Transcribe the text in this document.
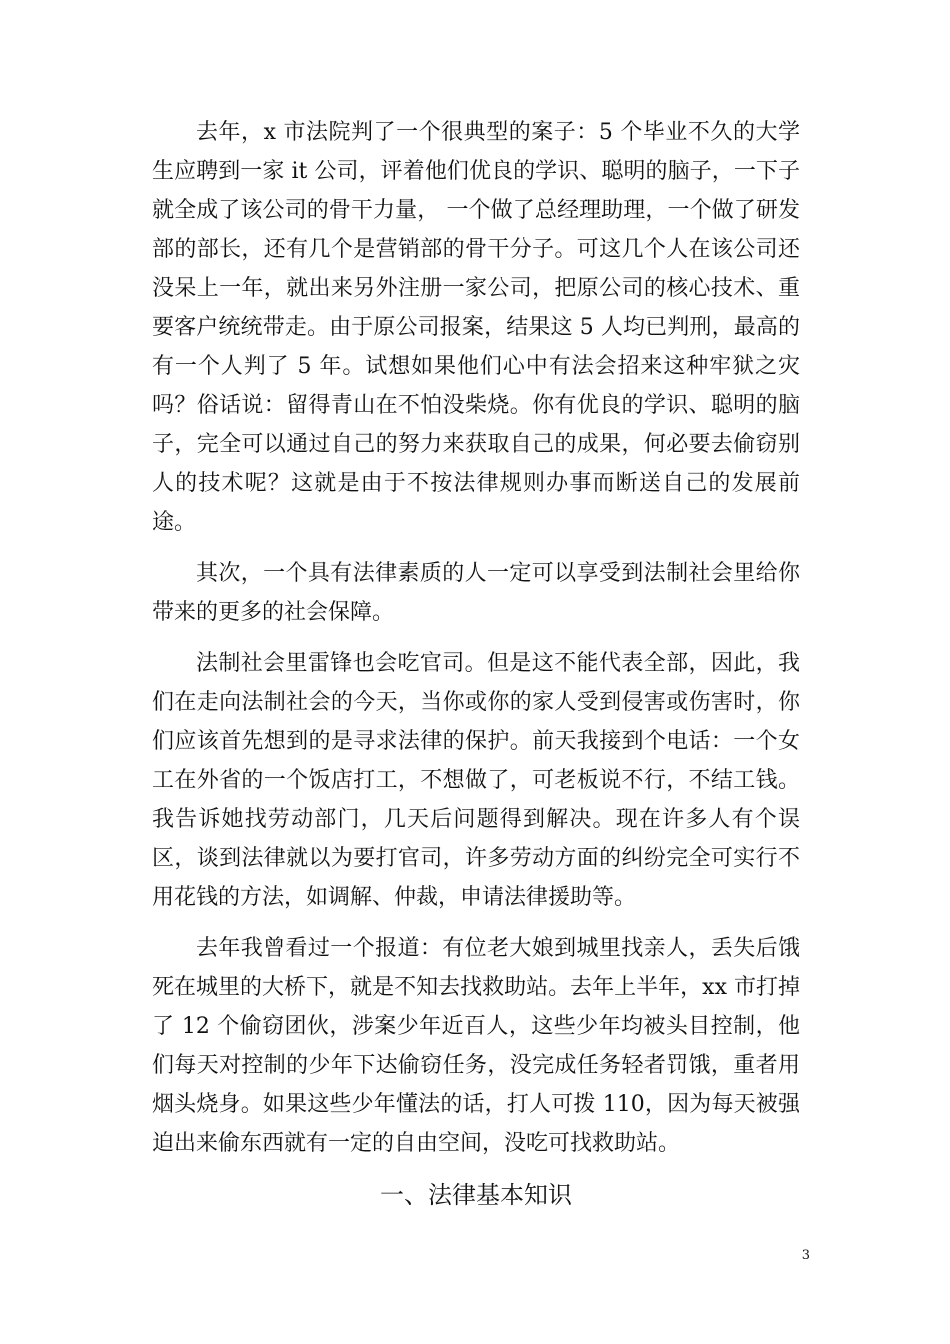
去年，x 市法院判了一个很典型的案子：5 个毕业不久的大学生应聘到一家 it 公司，评着他们优良的学识、聪明的脑子，一下子就全成了该公司的骨干力量， 一个做了总经理助理，一个做了研发部的部长，还有几个是营销部的骨干分子。可这几个人在该公司还没呆上一年，就出来另外注册一家公司，把原公司的核心技术、重要客户统统带走。由于原公司报案，结果这 5 人均已判刑，最高的有一个人判了 5 年。试想如果他们心中有法会招来这种牢狱之灾吗？俗话说：留得青山在不怕没柴烧。你有优良的学识、聪明的脑子，完全可以通过自己的努力来获取自己的成果，何必要去偷窃别人的技术呢？这就是由于不按法律规则办事而断送自己的发展前途。

其次，一个具有法律素质的人一定可以享受到法制社会里给你带来的更多的社会保障。

法制社会里雷锋也会吃官司。但是这不能代表全部，因此，我们在走向法制社会的今天，当你或你的家人受到侵害或伤害时，你们应该首先想到的是寻求法律的保护。前天我接到个电话：一个女工在外省的一个饭店打工，不想做了，可老板说不行，不结工钱。我告诉她找劳动部门，几天后问题得到解决。现在许多人有个误区，谈到法律就以为要打官司，许多劳动方面的纠纷完全可实行不用花钱的方法，如调解、仲裁，申请法律援助等。

去年我曾看过一个报道：有位老大娘到城里找亲人，丢失后饿死在城里的大桥下，就是不知去找救助站。去年上半年，xx 市打掉了 12 个偷窃团伙，涉案少年近百人，这些少年均被头目控制，他们每天对控制的少年下达偷窃任务，没完成任务轻者罚饿，重者用烟头烧身。如果这些少年懂法的话，打人可拨 110，因为每天被强迫出来偷东西就有一定的自由空间，没吃可找救助站。

一、法律基本知识
3
